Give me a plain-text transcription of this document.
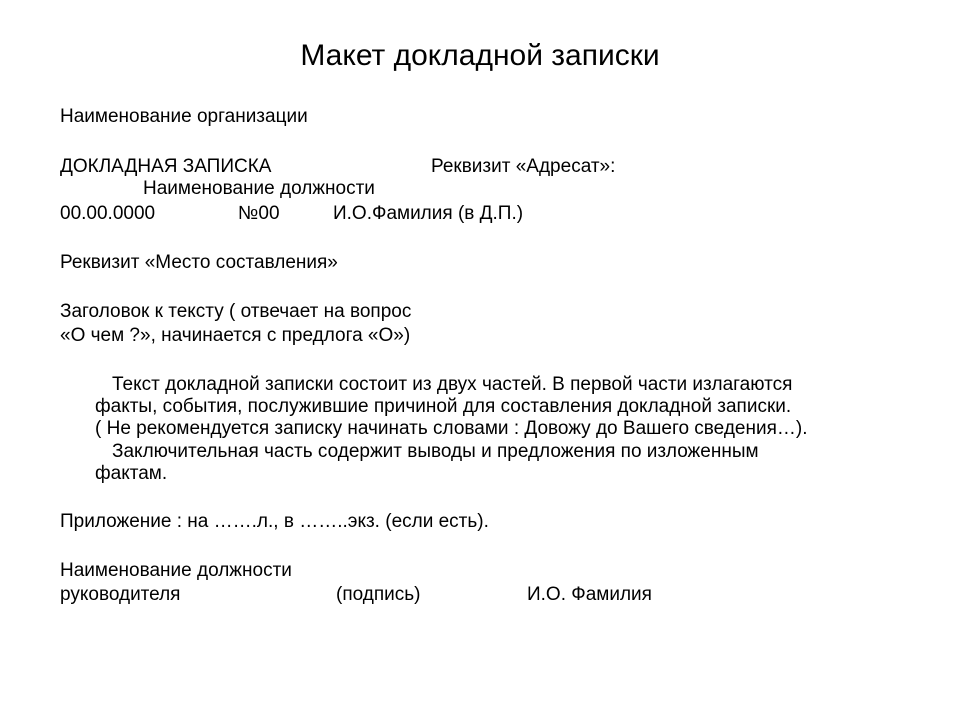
Макет докладной записки
Наименование организации
ДОКЛАДНАЯ ЗАПИСКА	Реквизит «Адресат»:
Наименование должности
00.00.0000	№00	И.О.Фамилия (в Д.П.)
Реквизит «Место составления»
Заголовок к тексту ( отвечает на вопрос
«О чем ?», начинается с предлога «О»)
Текст докладной записки состоит из двух частей. В первой части излагаются
факты, события, послужившие причиной для составления докладной записки.
( Не рекомендуется записку начинать словами : Довожу до Вашего сведения…).
Заключительная часть содержит выводы и предложения по изложенным
фактам.
Приложение : на …….л., в ……..экз. (если есть).
Наименование должности
руководителя	(подпись)	И.О. Фамилия
